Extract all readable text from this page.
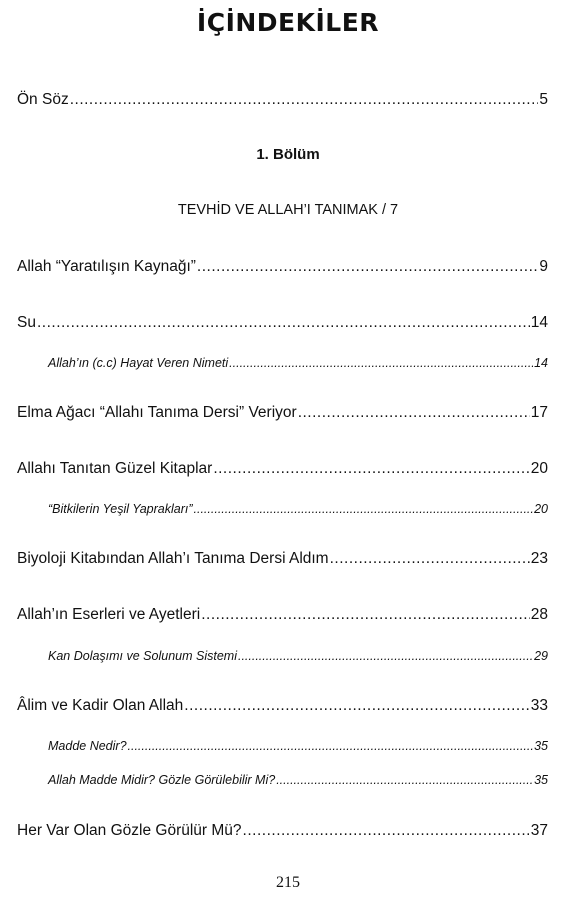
İÇİNDEKİLER
Ön Söz .....	5
1. Bölüm
TEVHİD VE ALLAH’I TANIMAK / 7
Allah “Yaratılışın Kaynağı” .....	9
Su .....	14
Allah’ın (c.c) Hayat Veren Nimeti .....	14
Elma Ağacı “Allahı Tanıma Dersi” Veriyor .....	17
Allahı Tanıtan Güzel Kitaplar .....	20
“Bitkilerin Yeşil Yaprakları” .....	20
Biyoloji Kitabından Allah’ı Tanıma Dersi Aldım .....	23
Allah’ın Eserleri ve Ayetleri .....	28
Kan Dolaşımı ve Solunum Sistemi .....	29
Âlim ve Kadir Olan Allah .....	33
Madde Nedir? .....	35
Allah Madde Midir? Gözle Görülebilir Mi? .....	35
Her Var Olan Gözle Görülür Mü? .....	37
215
